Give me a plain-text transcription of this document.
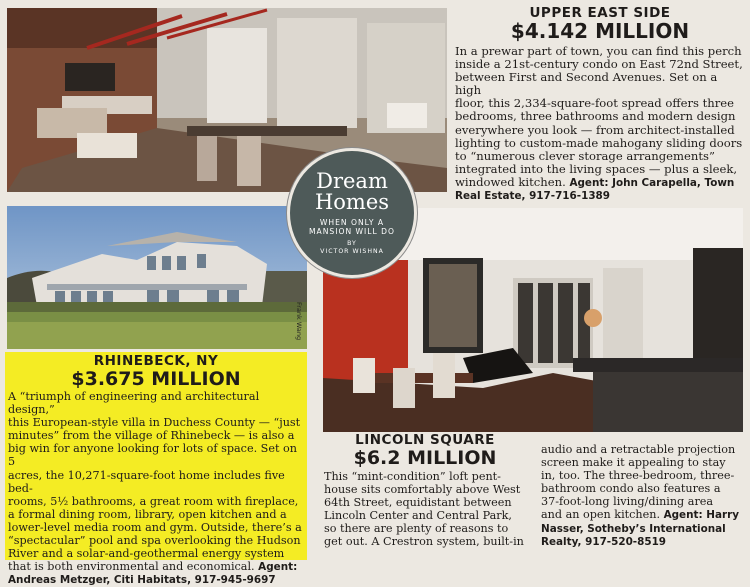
UPPER EAST SIDE
$4.142 MILLION
In a prewar part of town, you can find this perch
inside a 21st-century condo on East 72nd Street,
between First and Second Avenues. Set on a high
floor, this 2,334-square-foot spread offers three
bedrooms, three bathrooms and modern design
everywhere you look — from architect-installed
lighting to custom-made mahogany sliding doors
to “numerous clever storage arrangements”
integrated into the living spaces — plus a sleek,
windowed kitchen. Agent: John Carapella, Town
Real Estate, 917-716-1389
Frank Wang
RHINEBECK, NY
$3.675 MILLION
A “triumph of engineering and architectural design,”
this European-style villa in Duchess County — “just
minutes” from the village of Rhinebeck — is also a
big win for anyone looking for lots of space. Set on 5
acres, the 10,271-square-foot home includes five bed-
rooms, 5½ bathrooms, a great room with fireplace,
a formal dining room, library, open kitchen and a
lower-level media room and gym. Outside, there’s a
“spectacular” pool and spa overlooking the Hudson
River and a solar-and-geothermal energy system
that is both environmental and economical. Agent:
Andreas Metzger, Citi Habitats, 917-945-9697
Dream
Homes
WHEN ONLY A
MANSION WILL DO
BY
VICTOR WISHNA
LINCOLN SQUARE
$6.2 MILLION
This “mint-condition” loft pent-
house sits comfortably above West
64th Street, equidistant between
Lincoln Center and Central Park,
so there are plenty of reasons to
get out. A Crestron system, built-in
audio and a retractable projection
screen make it appealing to stay
in, too. The three-bedroom, three-
bathroom condo also features a
37-foot-long living/dining area
and an open kitchen. Agent: Harry
Nasser, Sotheby’s International
Realty, 917-520-8519
